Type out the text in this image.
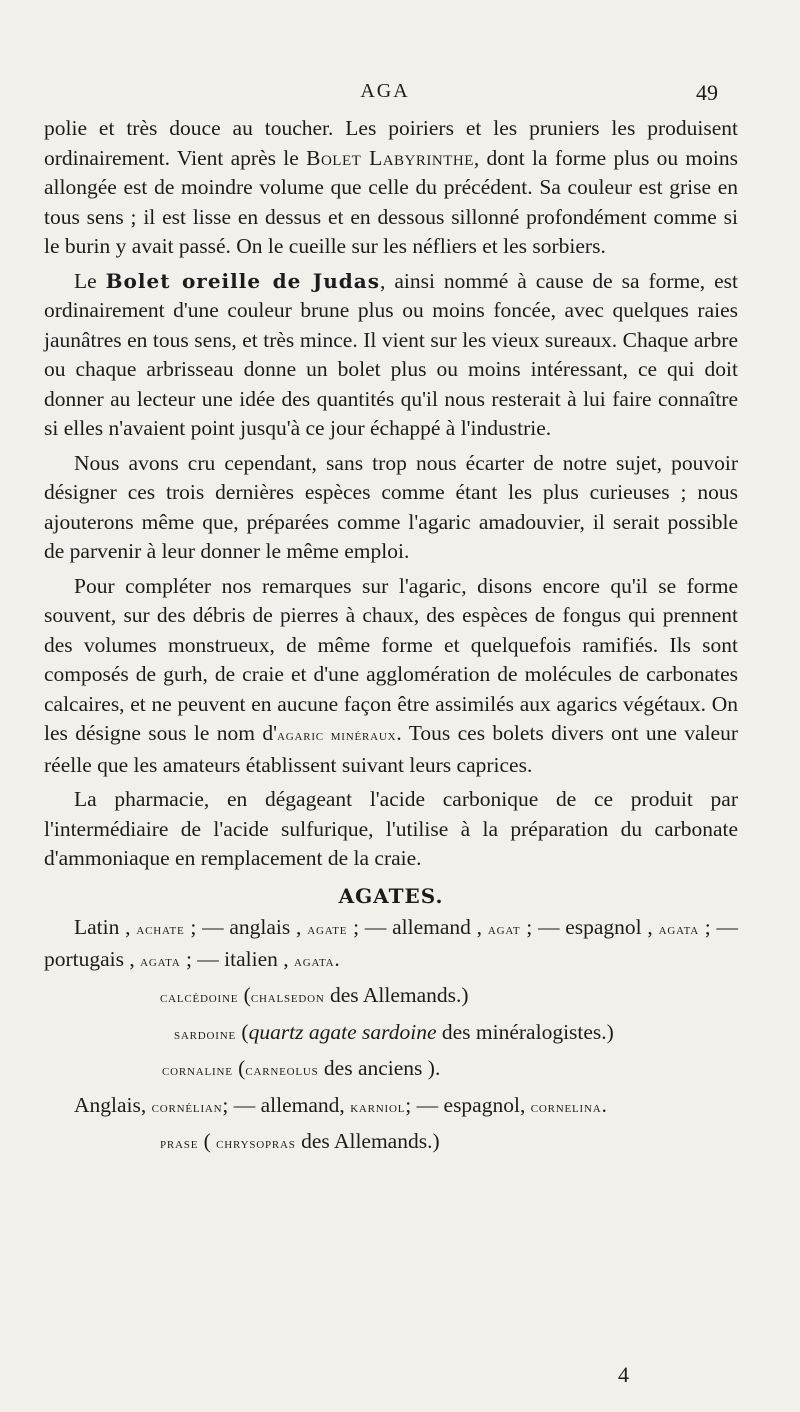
AGA	49

polie et très douce au toucher. Les poiriers et les pruniers les produisent ordinairement. Vient après le Bolet Labyrinthe, dont la forme plus ou moins allongée est de moindre volume que celle du précédent. Sa couleur est grise en tous sens ; il est lisse en dessus et en dessous sillonné profondément comme si le burin y avait passé. On le cueille sur les néfliers et les sorbiers.

Le Bolet oreille de Judas, ainsi nommé à cause de sa forme, est ordinairement d'une couleur brune plus ou moins foncée, avec quelques raies jaunâtres en tous sens, et très mince. Il vient sur les vieux sureaux. Chaque arbre ou chaque arbrisseau donne un bolet plus ou moins intéressant, ce qui doit donner au lecteur une idée des quantités qu'il nous resterait à lui faire connaître si elles n'avaient point jusqu'à ce jour échappé à l'industrie.

Nous avons cru cependant, sans trop nous écarter de notre sujet, pouvoir désigner ces trois dernières espèces comme étant les plus curieuses ; nous ajouterons même que, préparées comme l'agaric amadouvier, il serait possible de parvenir à leur donner le même emploi.

Pour compléter nos remarques sur l'agaric, disons encore qu'il se forme souvent, sur des débris de pierres à chaux, des espèces de fongus qui prennent des volumes monstrueux, de même forme et quelquefois ramifiés. Ils sont composés de gurh, de craie et d'une agglomération de molécules de carbonates calcaires, et ne peuvent en aucune façon être assimilés aux agarics végétaux. On les désigne sous le nom d'agaric minéraux. Tous ces bolets divers ont une valeur réelle que les amateurs établissent suivant leurs caprices.

La pharmacie, en dégageant l'acide carbonique de ce produit par l'intermédiaire de l'acide sulfurique, l'utilise à la préparation du carbonate d'ammoniaque en remplacement de la craie.

AGATES.

Latin , achate ; — anglais , agate ; — allemand , agat ; — espagnol , agata ; — portugais , agata ; — italien , agata.

calcédoine (chalsedon des Allemands.)

sardoine (quartz agate sardoine des minéralogistes.)

cornaline (carneolus des anciens ).

Anglais, cornélian; — allemand, karniol; — espagnol, cornelina.

prase ( chrysopras des Allemands.)

4
